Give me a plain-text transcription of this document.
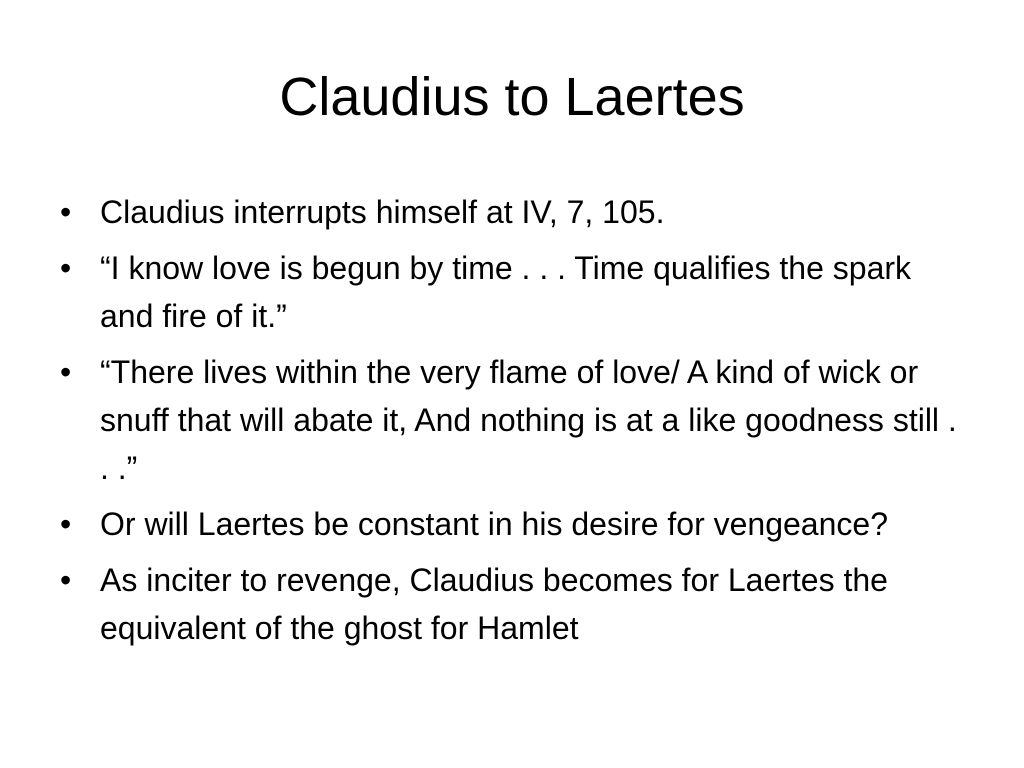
Claudius to Laertes
• Claudius interrupts himself at IV, 7, 105.
• “I know love is begun by time . . . Time qualifies the spark and fire of it.”
• “There lives within the very flame of love/ A kind of wick or snuff that will abate it, And nothing is at a like goodness still . . .”
• Or will Laertes be constant in his desire for vengeance?
• As inciter to revenge, Claudius becomes for Laertes the equivalent of the ghost for Hamlet
